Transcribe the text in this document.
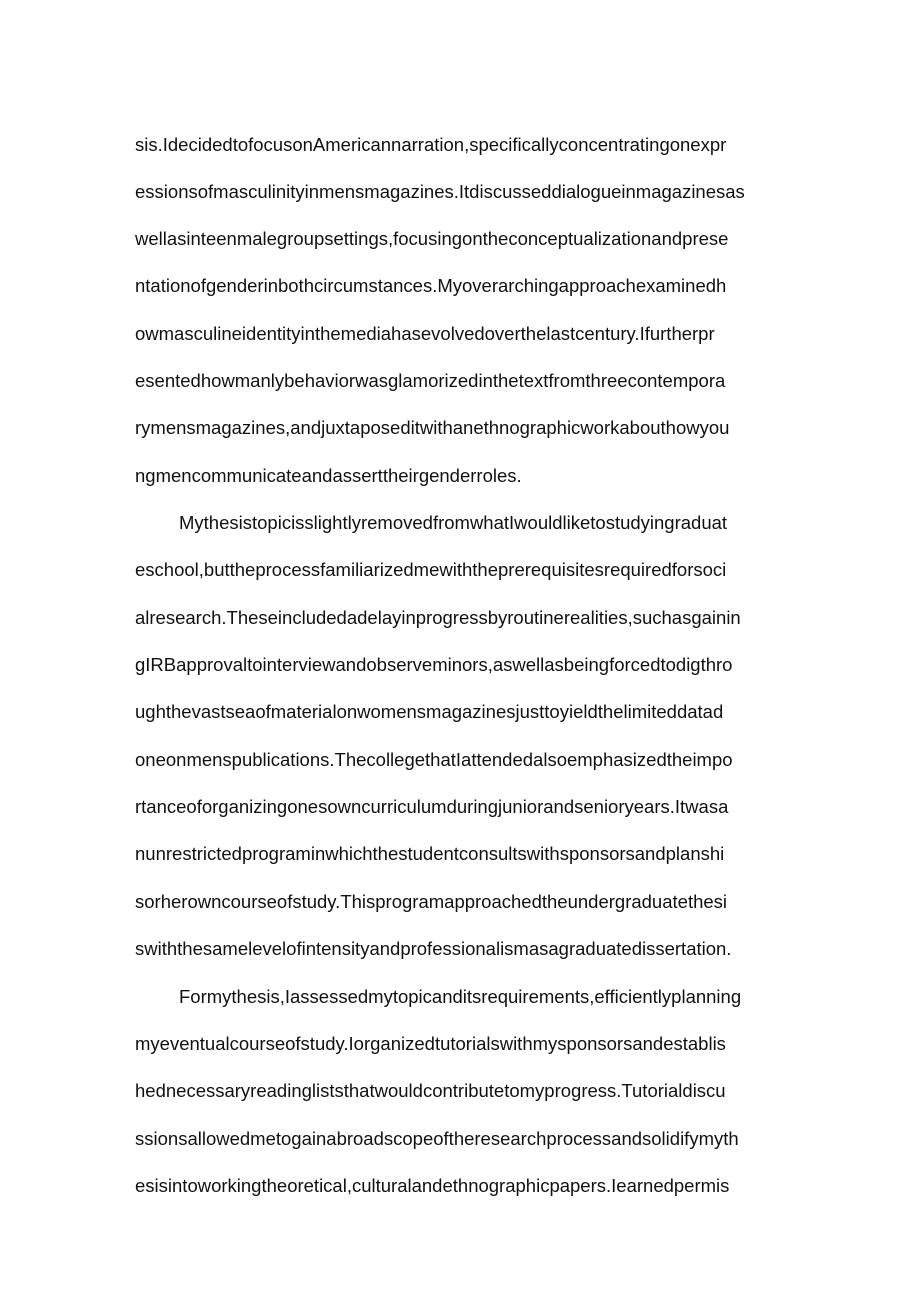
sis.IdecidedtofocusonAmericannarration,specificallyconcentratingonexpr
essionsofmasculinityinmensmagazines.Itdiscusseddialogueinmagazinesas
wellasinteenmalegroupsettings,focusingontheconceptualizationandprese
ntationofgenderinbothcircumstances.Myoverarchingapproachexaminedh
owmasculineidentityinthemediahasevolvedoverthelastcentury.Ifurtherpr
esentedhowmanlybehaviorwasglamorizedinthetextfromthreecontempora
rymensmagazines,andjuxtaposeditwithanethnographicworkabouthowyou
ngmencommunicateandasserttheirgenderroles.
MythesistopicisslightlyremovedfromwhatIwouldliketostudyingraduat
eschool,buttheprocessfamiliarizedmewiththeprerequisitesrequiredforsoci
alresearch.Theseincludedadelayinprogressbyroutinerealities,suchasgainin
gIRBapprovaltointerviewandobserveminors,aswellasbeingforcedtodigthro
ughthevastseaofmaterialonwomensmagazinesjusttoyieldthelimiteddatad
oneonmenspublications.ThecollegethatIattendedalsoemphasizedtheimpo
rtanceoforganizingonesowncurriculumduringjuniorandsenioryears.Itwasa
nunrestrictedprograminwhichthestudentconsultswithsponsorsandplanshi
sorherowncourseofstudy.Thisprogramapproachedtheundergraduatethesi
swiththesamelevelofintensityandprofessionalismasagraduatedissertation.
Formythesis,Iassessedmytopicanditsrequirements,efficientlyplanning
myeventualcourseofstudy.Iorganizedtutorialswithmysponsorsandestablis
hednecessaryreadingliststhatwouldcontributetomyprogress.Tutorialdiscu
ssionsallowedmetogainabroadscopeoftheresearchprocessandsolidifymyth
esisintoworkingtheoretical,culturalandethnographicpapers.Iearnedpermis
